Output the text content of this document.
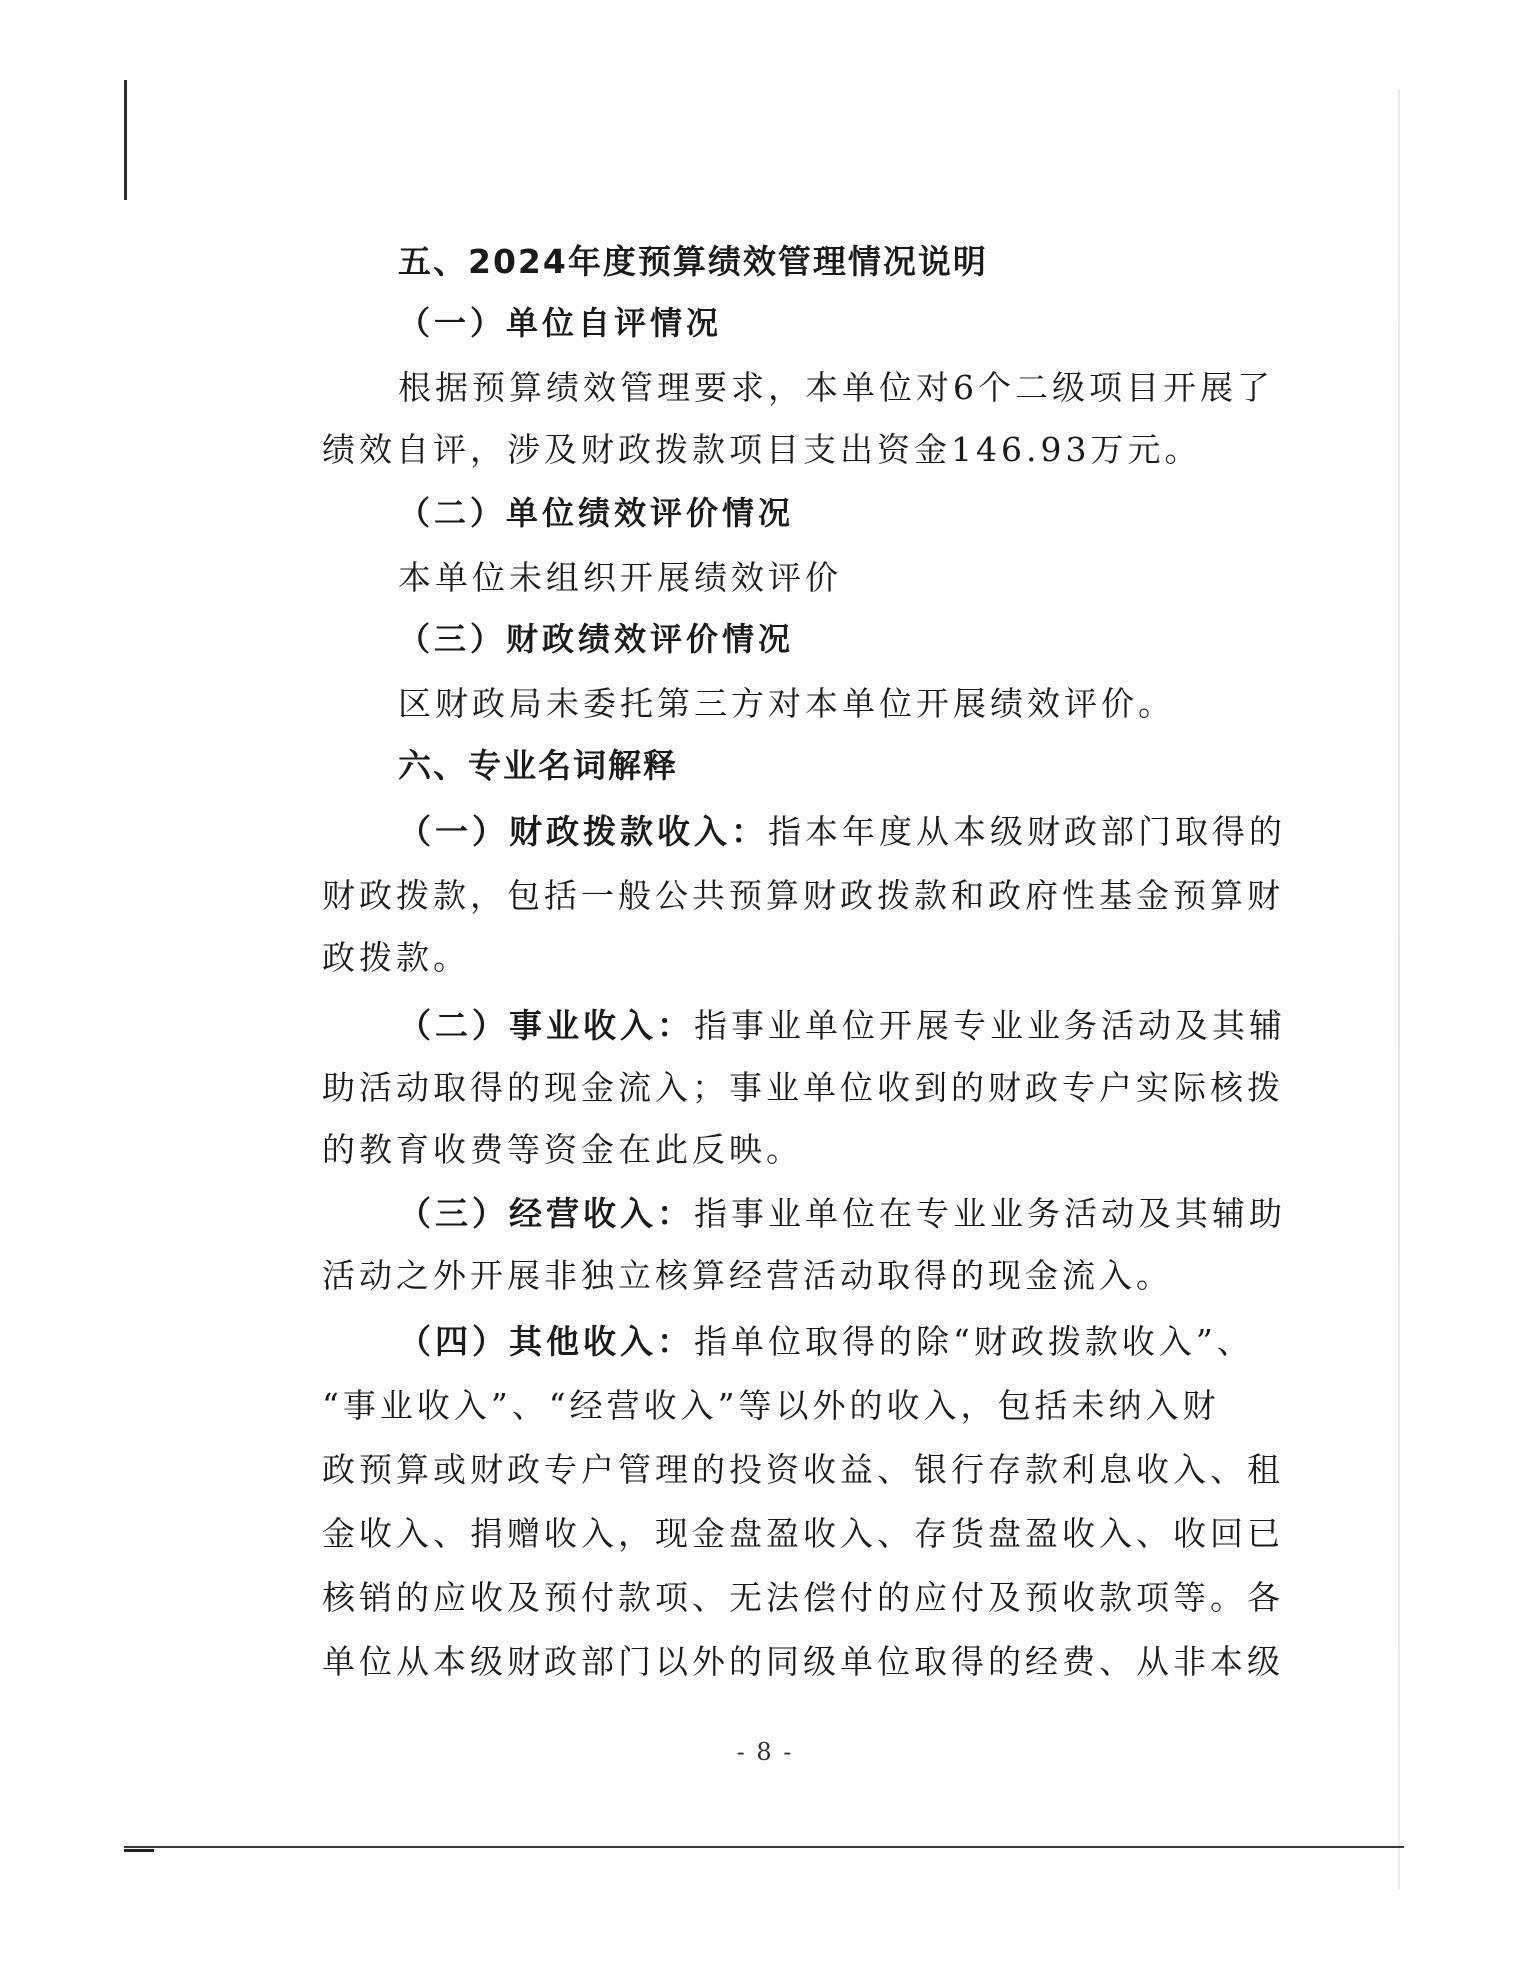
五、2024年度预算绩效管理情况说明
（一）单位自评情况
根据预算绩效管理要求，本单位对6个二级项目开展了
绩效自评，涉及财政拨款项目支出资金146.93万元。
（二）单位绩效评价情况
本单位未组织开展绩效评价
（三）财政绩效评价情况
区财政局未委托第三方对本单位开展绩效评价。
六、专业名词解释
（一）财政拨款收入：指本年度从本级财政部门取得的
财政拨款，包括一般公共预算财政拨款和政府性基金预算财
政拨款。
（二）事业收入：指事业单位开展专业业务活动及其辅
助活动取得的现金流入；事业单位收到的财政专户实际核拨
的教育收费等资金在此反映。
（三）经营收入：指事业单位在专业业务活动及其辅助
活动之外开展非独立核算经营活动取得的现金流入。
（四）其他收入：指单位取得的除“财政拨款收入”、
“事业收入”、“经营收入”等以外的收入，包括未纳入财
政预算或财政专户管理的投资收益、银行存款利息收入、租
金收入、捐赠收入，现金盘盈收入、存货盘盈收入、收回已
核销的应收及预付款项、无法偿付的应付及预收款项等。各
单位从本级财政部门以外的同级单位取得的经费、从非本级
- 8 -
